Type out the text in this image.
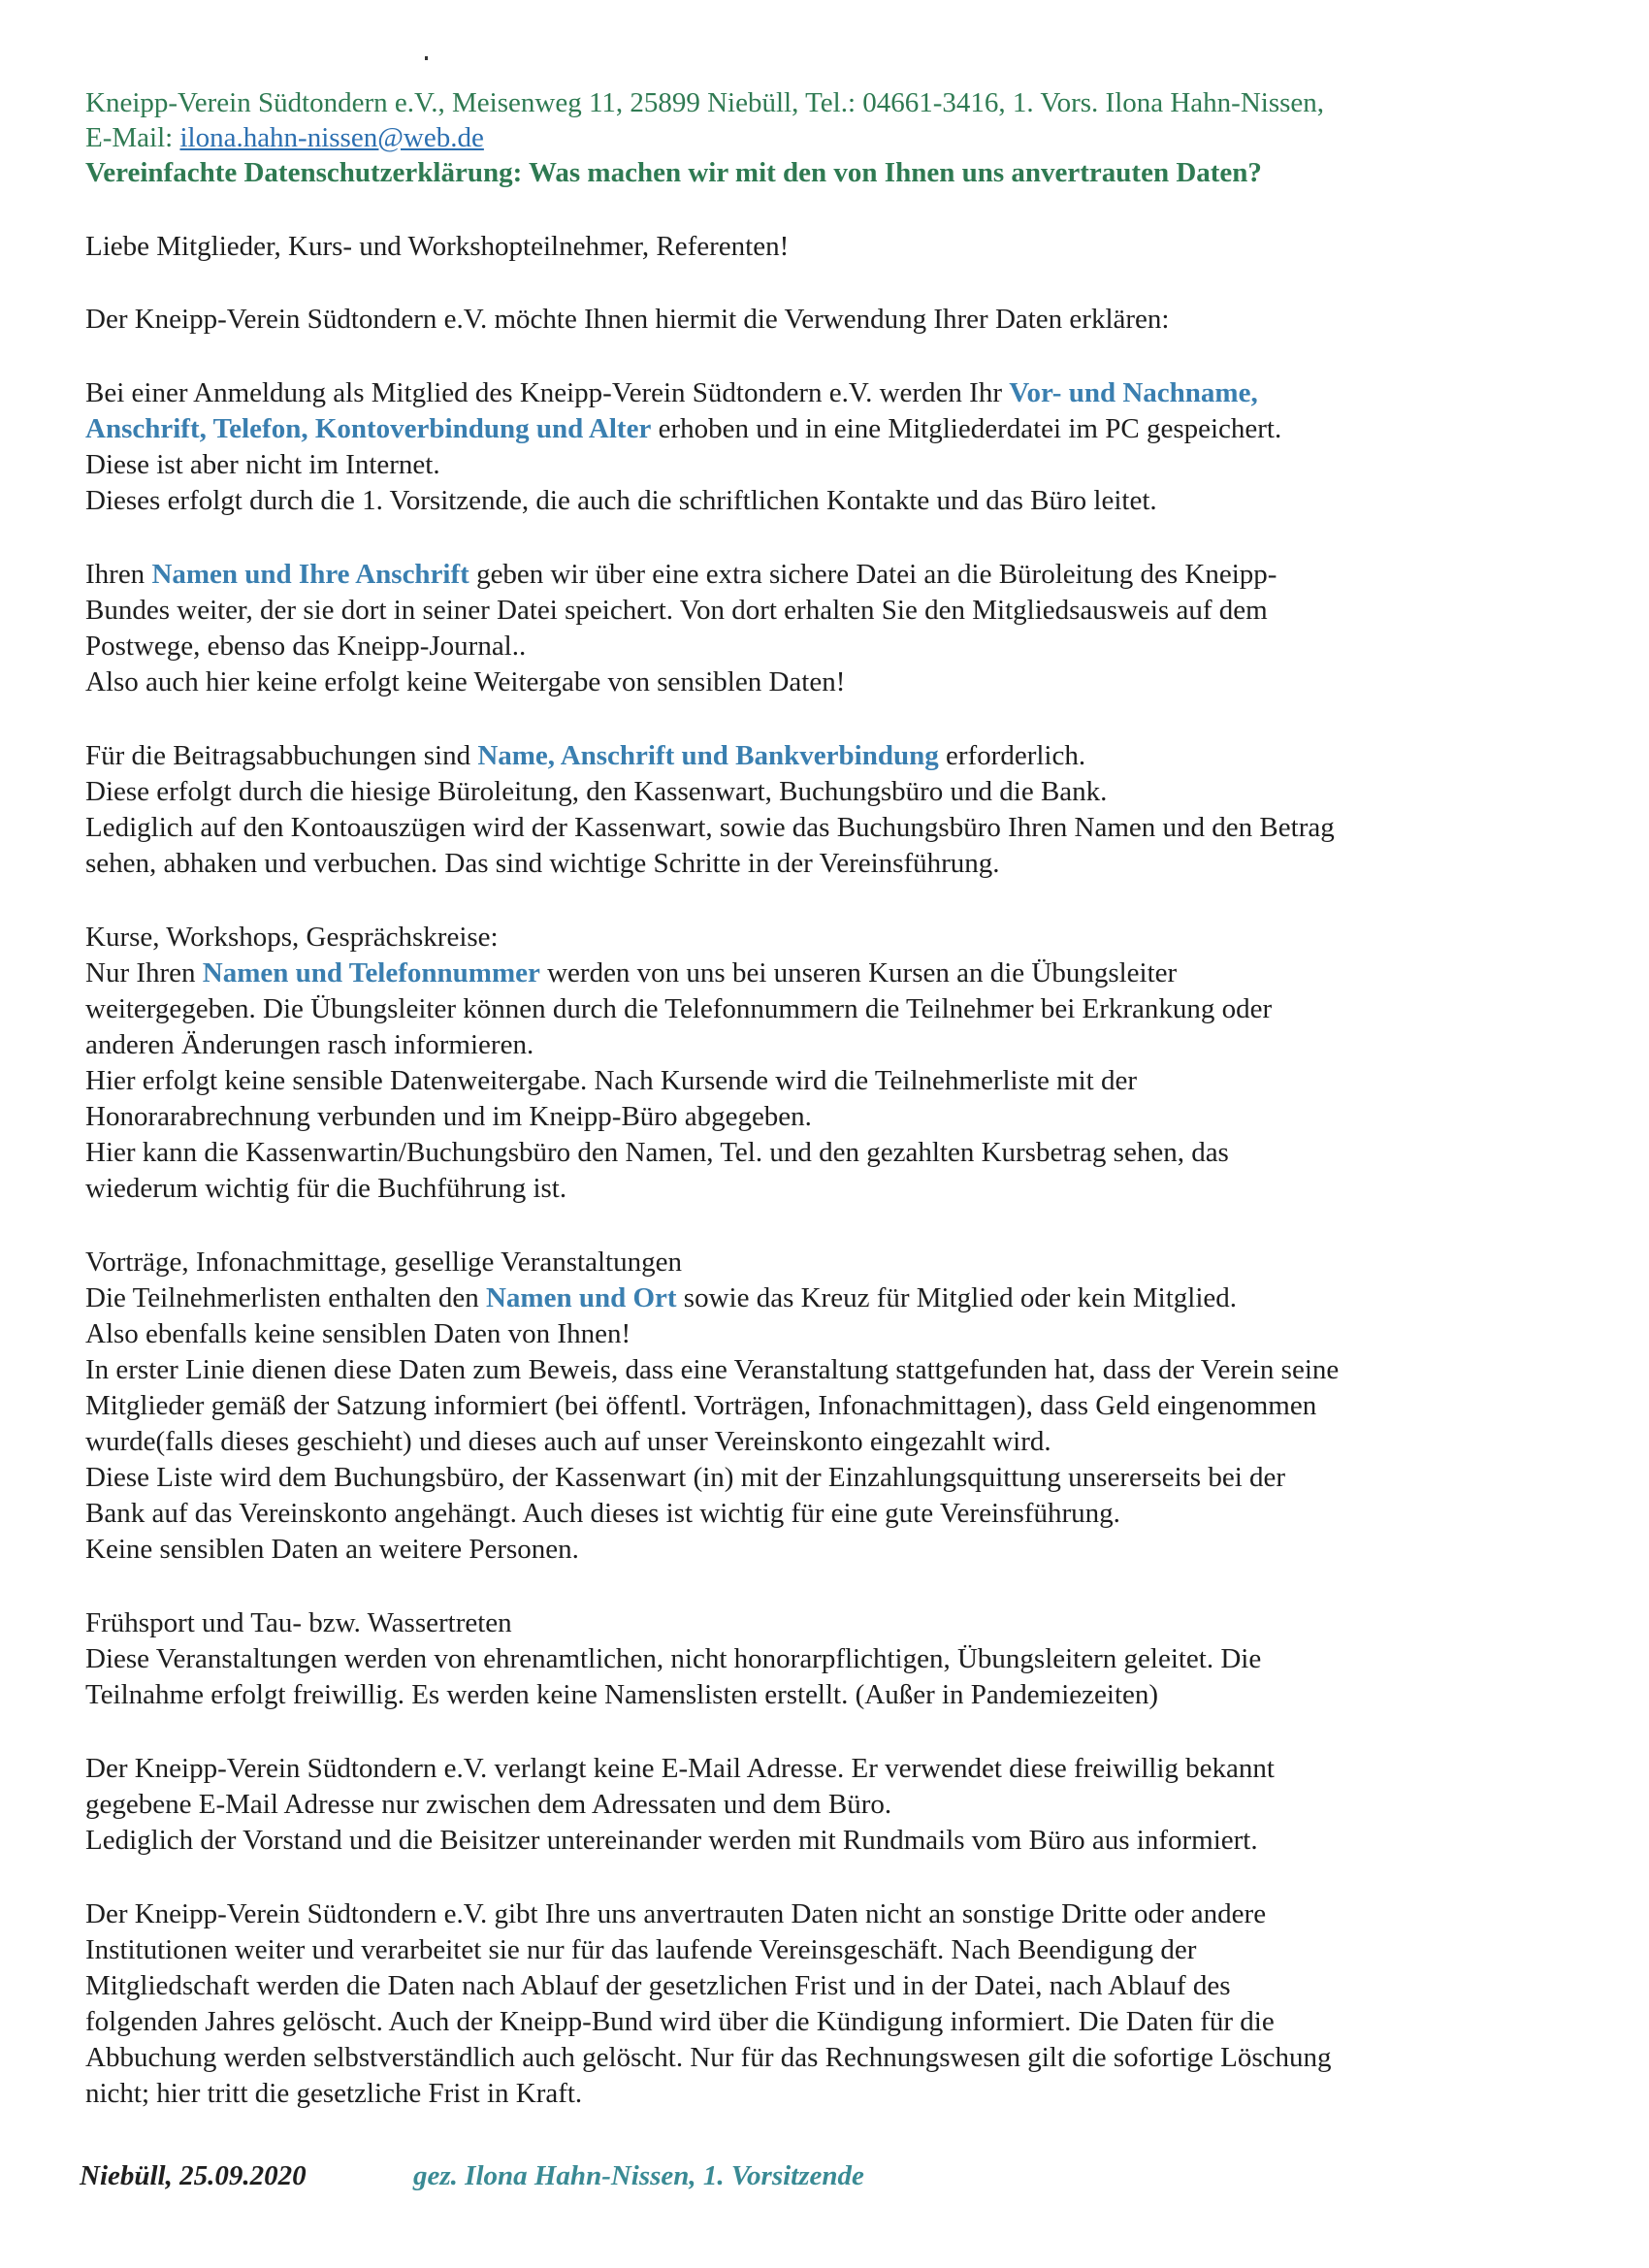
Kneipp-Verein Südtondern e.V., Meisenweg 11, 25899 Niebüll, Tel.: 04661-3416, 1. Vors. Ilona Hahn-Nissen,
E-Mail: ilona.hahn-nissen@web.de
Vereinfachte Datenschutzerklärung: Was machen wir mit den von Ihnen uns anvertrauten Daten?
Liebe Mitglieder, Kurs- und Workshopteilnehmer, Referenten!
Der Kneipp-Verein Südtondern e.V. möchte Ihnen hiermit die Verwendung Ihrer Daten erklären:
Bei einer Anmeldung als Mitglied des Kneipp-Verein Südtondern e.V. werden Ihr Vor- und Nachname,
Anschrift, Telefon, Kontoverbindung und Alter erhoben und in eine Mitgliederdatei im PC gespeichert.
Diese ist aber nicht im Internet.
Dieses erfolgt durch die 1. Vorsitzende, die auch die schriftlichen Kontakte und das Büro leitet.
Ihren Namen und Ihre Anschrift geben wir über eine extra sichere Datei an die Büroleitung des Kneipp-
Bundes weiter, der sie dort in seiner Datei speichert. Von dort erhalten Sie den Mitgliedsausweis auf dem
Postwege, ebenso das Kneipp-Journal..
Also auch hier keine erfolgt keine Weitergabe von sensiblen Daten!
Für die Beitragsabbuchungen sind Name, Anschrift und Bankverbindung erforderlich.
Diese erfolgt durch die hiesige Büroleitung, den Kassenwart, Buchungsbüro und die Bank.
Lediglich auf den Kontoauszügen wird der Kassenwart, sowie das Buchungsbüro Ihren Namen und den Betrag
sehen, abhaken und verbuchen. Das sind wichtige Schritte in der Vereinsführung.
Kurse, Workshops, Gesprächskreise:
Nur Ihren Namen und Telefonnummer werden von uns bei unseren Kursen an die Übungsleiter
weitergegeben. Die Übungsleiter können durch die Telefonnummern die Teilnehmer bei Erkrankung oder
anderen Änderungen rasch informieren.
Hier erfolgt keine sensible Datenweitergabe. Nach Kursende wird die Teilnehmerliste mit der
Honorarabrechnung verbunden und im Kneipp-Büro abgegeben.
Hier kann die Kassenwartin/Buchungsbüro den Namen, Tel. und den gezahlten Kursbetrag sehen, das
wiederum wichtig für die Buchführung ist.
Vorträge, Infonachmittage, gesellige Veranstaltungen
Die Teilnehmerlisten enthalten den Namen und Ort sowie das Kreuz für Mitglied oder kein Mitglied.
Also ebenfalls keine sensiblen Daten von Ihnen!
In erster Linie dienen diese Daten zum Beweis, dass eine Veranstaltung stattgefunden hat, dass der Verein seine
Mitglieder gemäß der Satzung informiert (bei öffentl. Vorträgen, Infonachmittagen), dass Geld eingenommen
wurde(falls dieses geschieht) und dieses auch auf unser Vereinskonto eingezahlt wird.
Diese Liste wird dem Buchungsbüro, der Kassenwart (in) mit der Einzahlungsquittung unsererseits bei der
Bank auf das Vereinskonto angehängt. Auch dieses ist wichtig für eine gute Vereinsführung.
Keine sensiblen Daten an weitere Personen.
Frühsport und Tau- bzw. Wassertreten
Diese Veranstaltungen werden von ehrenamtlichen, nicht honorarpflichtigen, Übungsleitern geleitet. Die
Teilnahme erfolgt freiwillig. Es werden keine Namenslisten erstellt. (Außer in Pandemiezeiten)
Der Kneipp-Verein Südtondern e.V. verlangt keine E-Mail Adresse. Er verwendet diese freiwillig bekannt
gegebene E-Mail Adresse nur zwischen dem Adressaten und dem Büro.
Lediglich der Vorstand und die Beisitzer untereinander werden mit Rundmails vom Büro aus informiert.
Der Kneipp-Verein Südtondern e.V. gibt Ihre uns anvertrauten Daten nicht an sonstige Dritte oder andere
Institutionen weiter und verarbeitet sie nur für das laufende Vereinsgeschäft. Nach Beendigung der
Mitgliedschaft werden die Daten nach Ablauf der gesetzlichen Frist und in der Datei, nach Ablauf des
folgenden Jahres gelöscht. Auch der Kneipp-Bund wird über die Kündigung informiert. Die Daten für die
Abbuchung werden selbstverständlich auch gelöscht. Nur für das Rechnungswesen gilt die sofortige Löschung
nicht; hier tritt die gesetzliche Frist in Kraft.
Niebüll, 25.09.2020	gez. Ilona Hahn-Nissen, 1. Vorsitzende
